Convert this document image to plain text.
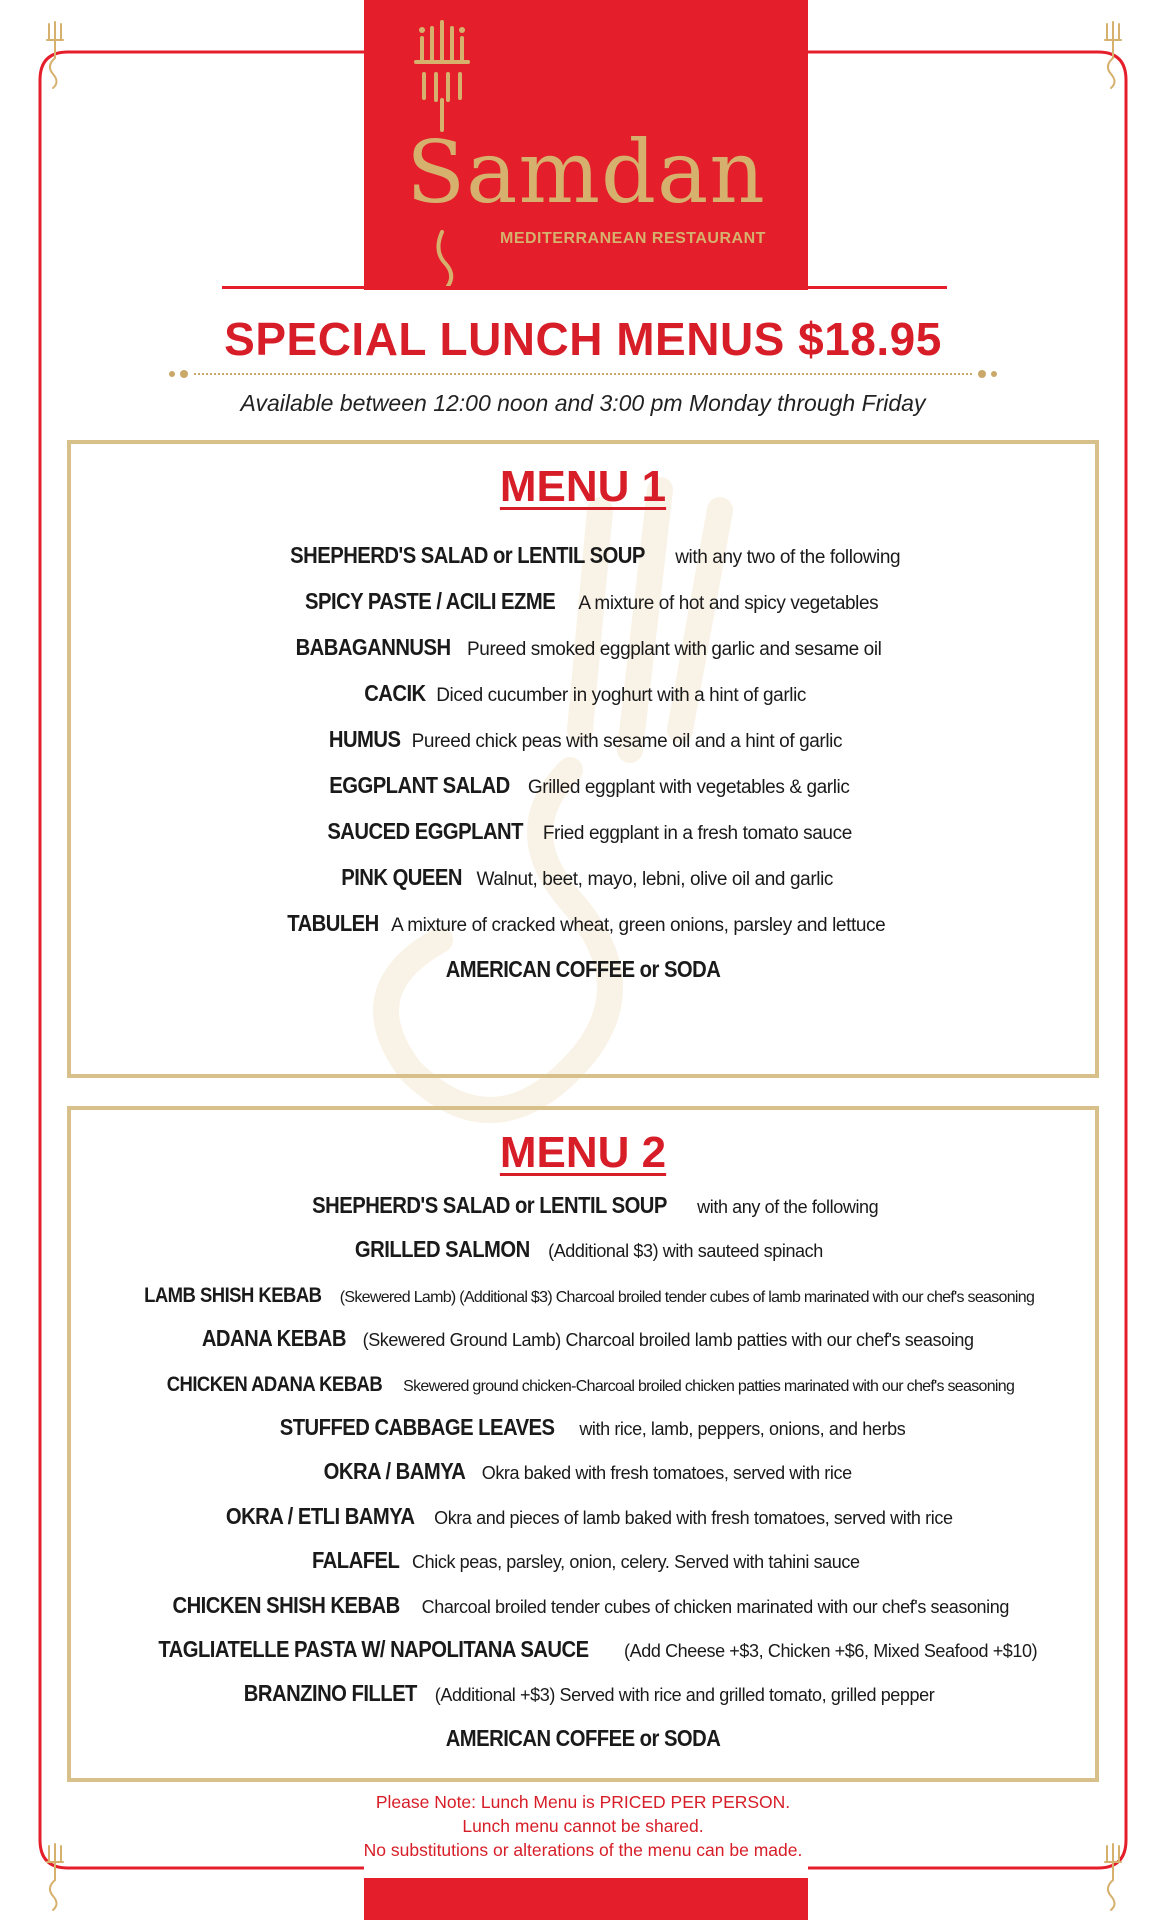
Samdan
MEDITERRANEAN RESTAURANT
SPECIAL LUNCH MENUS $18.95
Available between 12:00 noon and 3:00 pm Monday through Friday
MENU 1
SHEPHERD'S SALAD or LENTIL SOUP with any two of the following
SPICY PASTE / ACILI EZME A mixture of hot and spicy vegetables
BABAGANNUSH Pureed smoked eggplant with garlic and sesame oil
CACIK Diced cucumber in yoghurt with a hint of garlic
HUMUS Pureed chick peas with sesame oil and a hint of garlic
EGGPLANT SALAD Grilled eggplant with vegetables & garlic
SAUCED EGGPLANT Fried eggplant in a fresh tomato sauce
PINK QUEEN Walnut, beet, mayo, lebni, olive oil and garlic
TABULEH A mixture of cracked wheat, green onions, parsley and lettuce
AMERICAN COFFEE or SODA
MENU 2
SHEPHERD'S SALAD or LENTIL SOUP with any of the following
GRILLED SALMON (Additional $3) with sauteed spinach
LAMB SHISH KEBAB (Skewered Lamb) (Additional $3) Charcoal broiled tender cubes of lamb marinated with our chef's seasoning
ADANA KEBAB (Skewered Ground Lamb) Charcoal broiled lamb patties with our chef's seasoing
CHICKEN ADANA KEBAB Skewered ground chicken-Charcoal broiled chicken patties marinated with our chef's seasoning
STUFFED CABBAGE LEAVES with rice, lamb, peppers, onions, and herbs
OKRA / BAMYA Okra baked with fresh tomatoes, served with rice
OKRA / ETLI BAMYA Okra and pieces of lamb baked with fresh tomatoes, served with rice
FALAFEL Chick peas, parsley, onion, celery. Served with tahini sauce
CHICKEN SHISH KEBAB Charcoal broiled tender cubes of chicken marinated with our chef's seasoning
TAGLIATELLE PASTA W/ NAPOLITANA SAUCE (Add Cheese +$3, Chicken +$6, Mixed Seafood +$10)
BRANZINO FILLET (Additional +$3) Served with rice and grilled tomato, grilled pepper
AMERICAN COFFEE or SODA
Please Note: Lunch Menu is PRICED PER PERSON.
Lunch menu cannot be shared.
No substitutions or alterations of the menu can be made.
